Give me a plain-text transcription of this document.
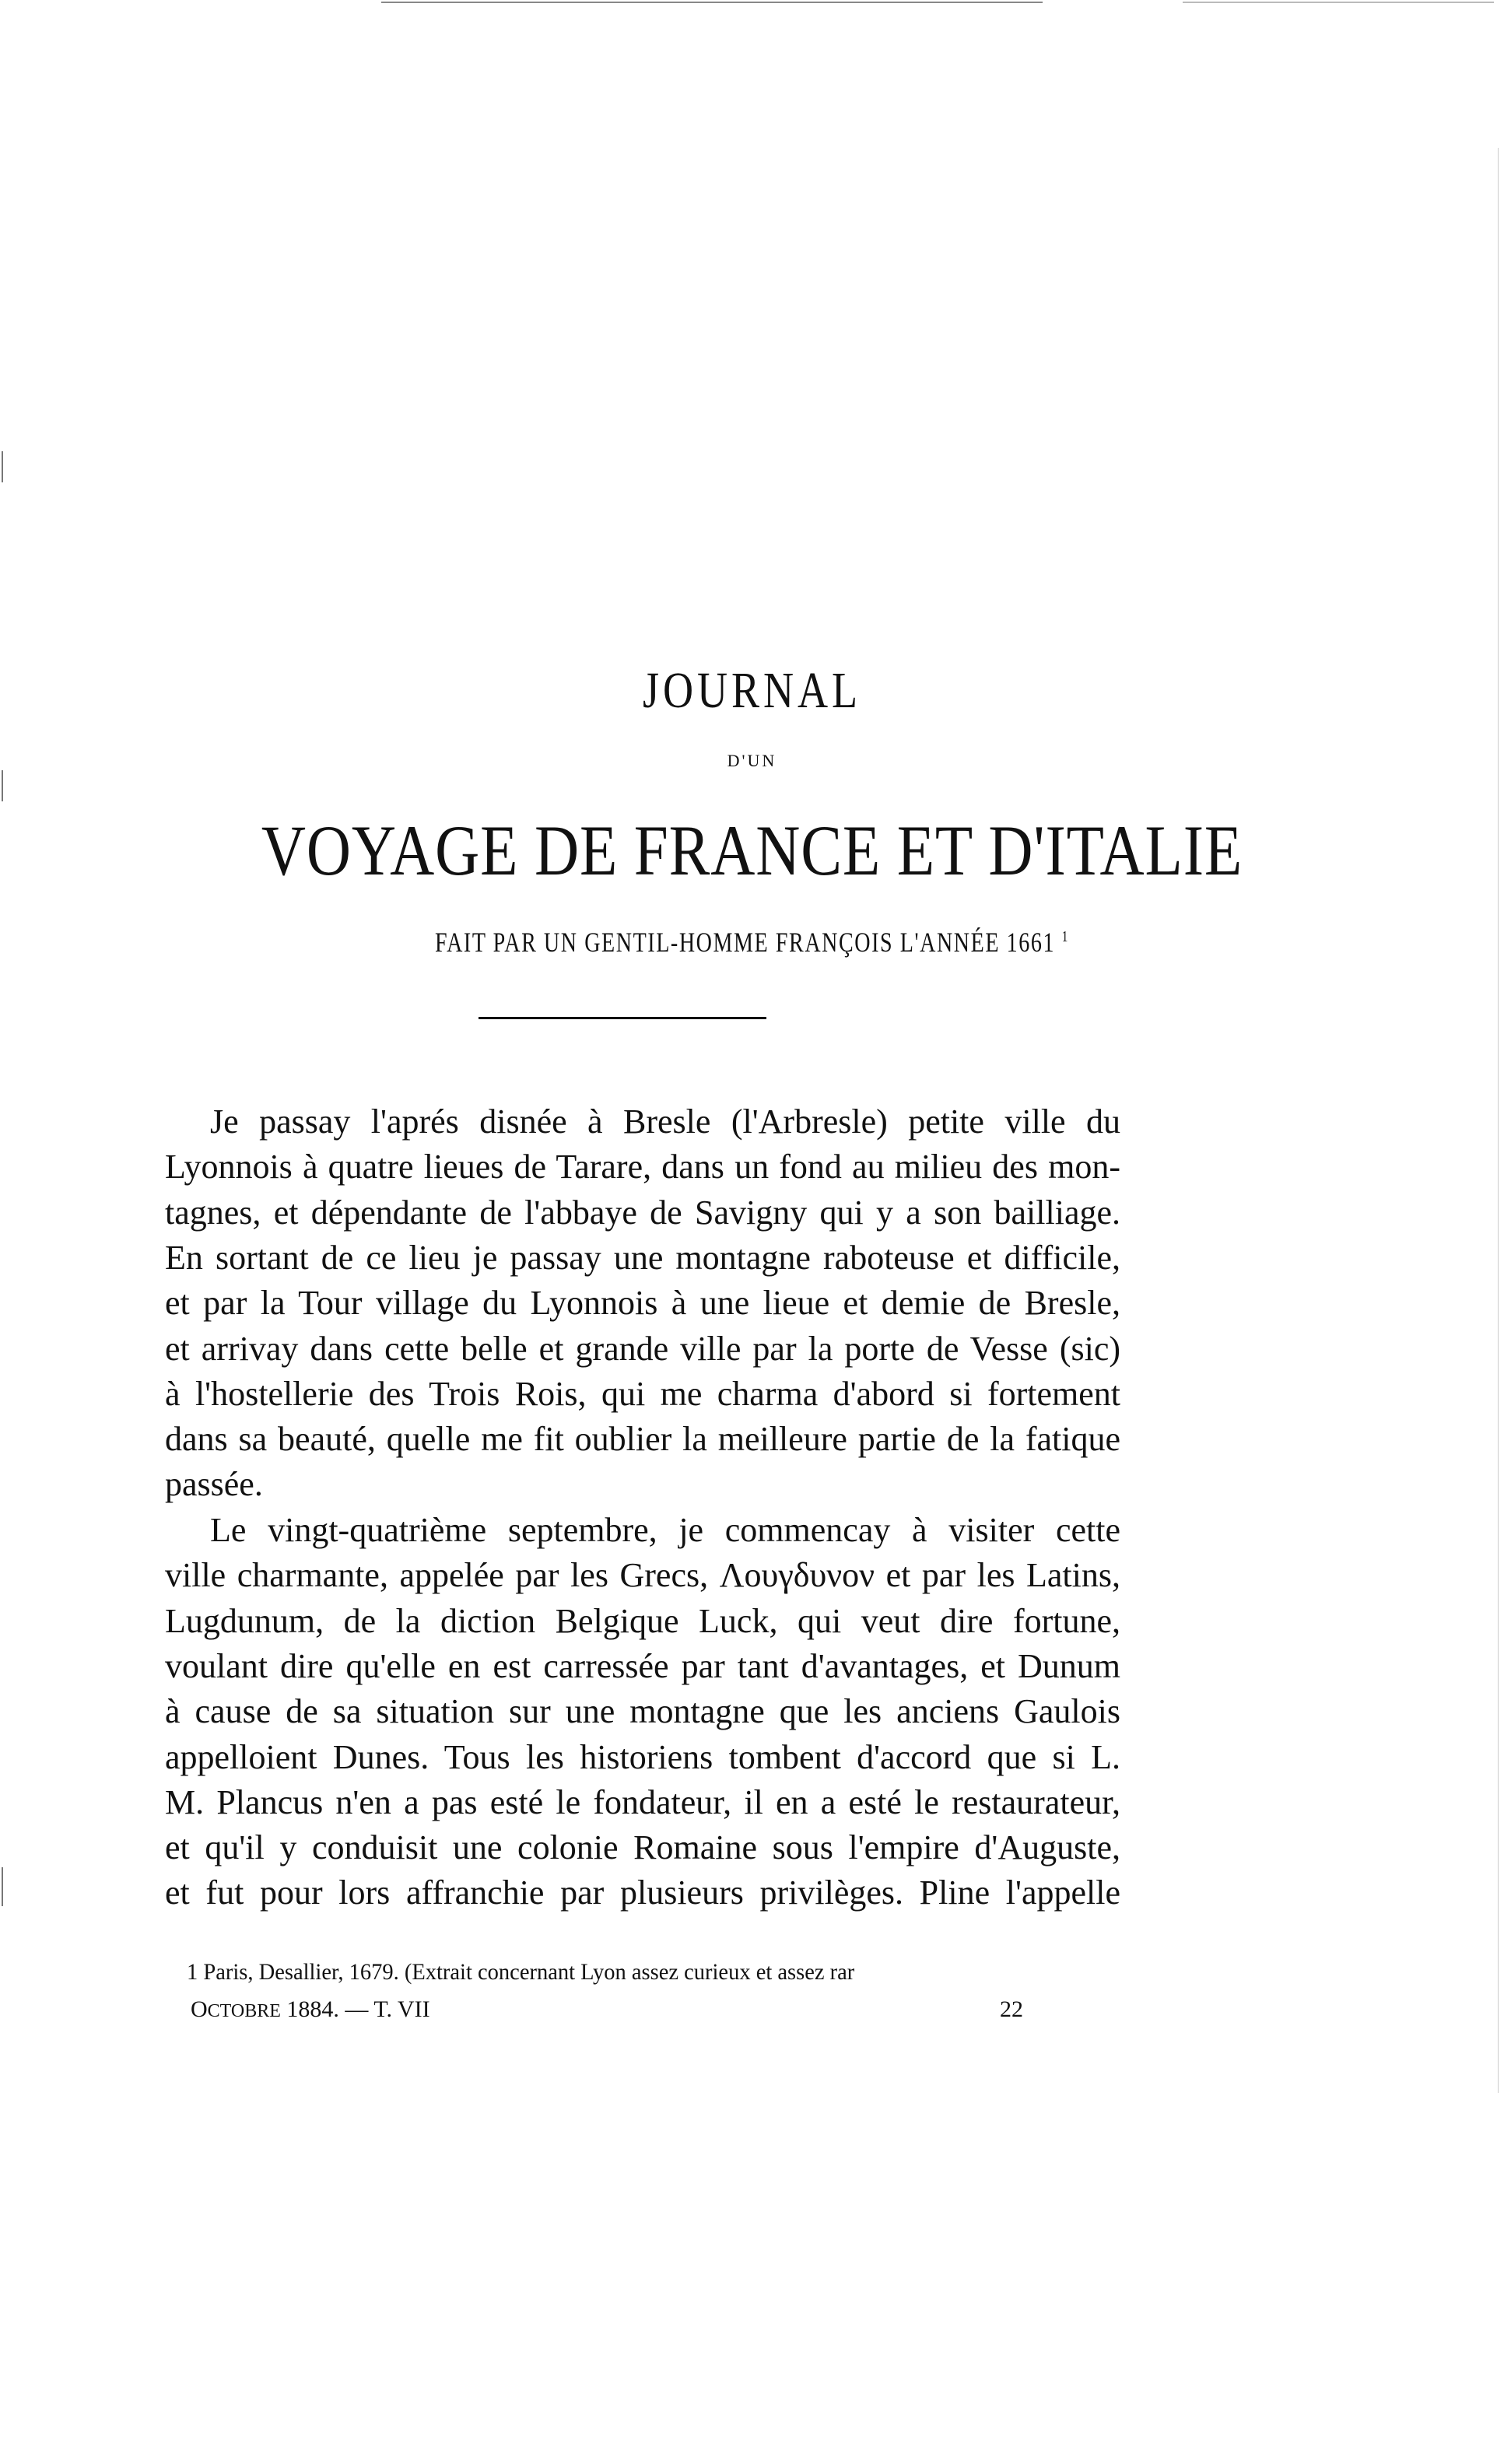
JOURNAL
D'UN
VOYAGE DE FRANCE ET D'ITALIE
FAIT PAR UN GENTIL-HOMME FRANÇOIS L'ANNÉE 1661 $^1$
Je passay l'aprés disnée à Bresle (l'Arbresle) petite ville du
Lyonnois à quatre lieues de Tarare, dans un fond au milieu des mon-
tagnes, et dépendante de l'abbaye de Savigny qui y a son bailliage.
En sortant de ce lieu je passay une montagne raboteuse et difficile,
et par la Tour village du Lyonnois à une lieue et demie de Bresle,
et arrivay dans cette belle et grande ville par la porte de Vesse (sic)
à l'hostellerie des Trois Rois, qui me charma d'abord si fortement
dans sa beauté, quelle me fit oublier la meilleure partie de la fatique
passée.
Le vingt-quatrième septembre, je commencay à visiter cette
ville charmante, appelée par les Grecs, Λουγδυνον et par les Latins,
Lugdunum, de la diction Belgique Luck, qui veut dire fortune,
voulant dire qu'elle en est carressée par tant d'avantages, et Dunum
à cause de sa situation sur une montagne que les anciens Gaulois
appelloient Dunes. Tous les historiens tombent d'accord que si L.
M. Plancus n'en a pas esté le fondateur, il en a esté le restaurateur,
et qu'il y conduisit une colonie Romaine sous l'empire d'Auguste,
et fut pour lors affranchie par plusieurs privilèges. Pline l'appelle
1 Paris, Desallier, 1679. (Extrait concernant Lyon assez curieux et assez rar
OCTOBRE 1884. — T. VII	22
